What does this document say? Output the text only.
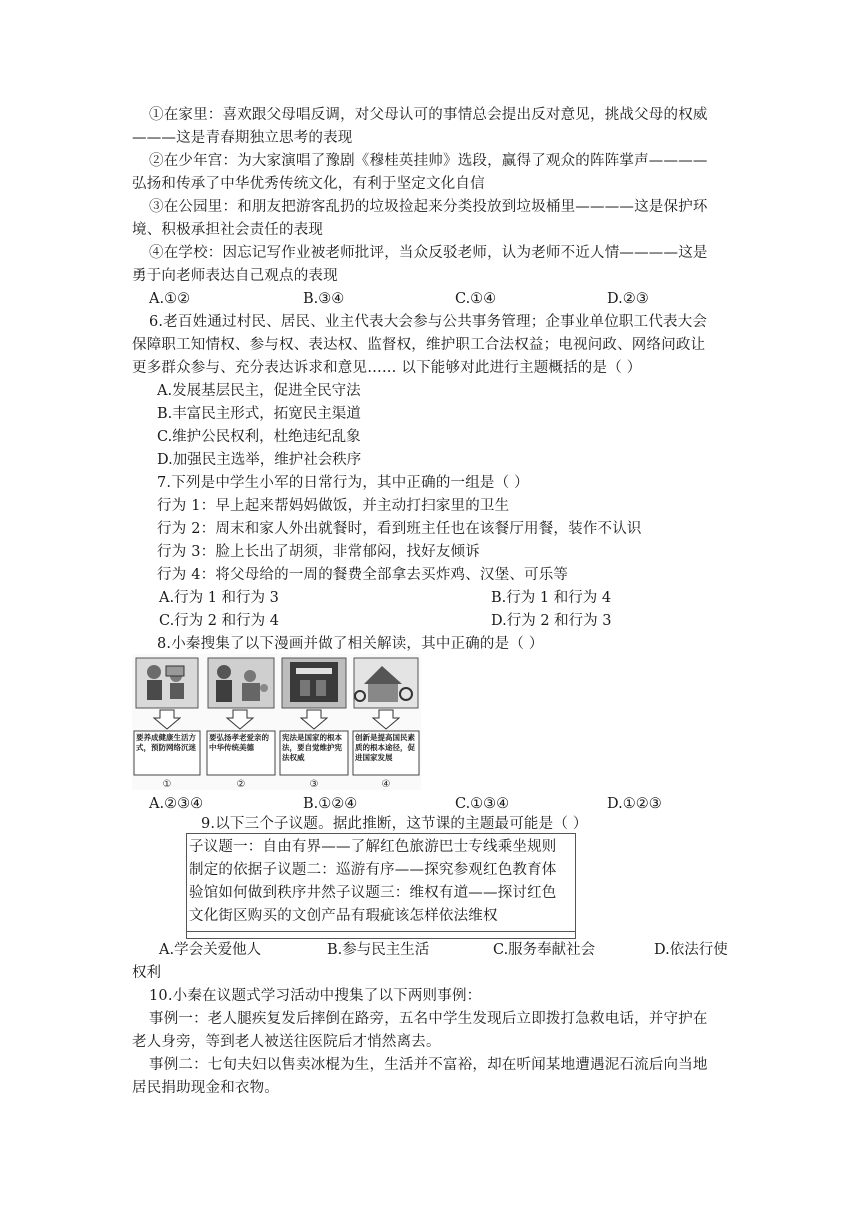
①在家里：喜欢跟父母唱反调，对父母认可的事情总会提出反对意见，挑战父母的权威
———这是青春期独立思考的表现
②在少年宫：为大家演唱了豫剧《穆桂英挂帅》选段，赢得了观众的阵阵掌声————
弘扬和传承了中华优秀传统文化，有利于坚定文化自信
③在公园里：和朋友把游客乱扔的垃圾捡起来分类投放到垃圾桶里————这是保护环
境、积极承担社会责任的表现
④在学校：因忘记写作业被老师批评，当众反驳老师，认为老师不近人情————这是
勇于向老师表达自己观点的表现
A.①②	B.③④	C.①④	D.②③
6.老百姓通过村民、居民、业主代表大会参与公共事务管理；企事业单位职工代表大会
保障职工知情权、参与权、表达权、监督权，维护职工合法权益；电视问政、网络问政让
更多群众参与、充分表达诉求和意见…… 以下能够对此进行主题概括的是（ ）
A.发展基层民主，促进全民守法
B.丰富民主形式，拓宽民主渠道
C.维护公民权利，杜绝违纪乱象
D.加强民主选举，维护社会秩序
7.下列是中学生小军的日常行为，其中正确的一组是（ ）
行为 1：早上起来帮妈妈做饭，并主动打扫家里的卫生
行为 2：周末和家人外出就餐时，看到班主任也在该餐厅用餐，装作不认识
行为 3：脸上长出了胡须，非常郁闷，找好友倾诉
行为 4：将父母给的一周的餐费全部拿去买炸鸡、汉堡、可乐等
A.行为 1 和行为 3	B.行为 1 和行为 4
C.行为 2 和行为 4	D.行为 2 和行为 3
8.小秦搜集了以下漫画并做了相关解读，其中正确的是（ ）
要养成健康生活方式，预防网络沉迷
要弘扬孝老爱亲的中华传统美德
宪法是国家的根本法，要自觉维护宪法权威
创新是提高国民素质的根本途径，促进国家发展
①	②	③	④
A.②③④	B.①②④	C.①③④	D.①②③
9.以下三个子议题。据此推断，这节课的主题最可能是（ ）
子议题一：自由有界——了解红色旅游巴士专线乘坐规则
制定的依据子议题二：巡游有序——探究参观红色教育体
验馆如何做到秩序井然子议题三：维权有道——探讨红色
文化街区购买的文创产品有瑕疵该怎样依法维权
A.学会关爱他人	B.参与民主生活	C.服务奉献社会	D.依法行使
权利
10.小秦在议题式学习活动中搜集了以下两则事例：
事例一：老人腿疾复发后摔倒在路旁，五名中学生发现后立即拨打急救电话，并守护在
老人身旁，等到老人被送往医院后才悄然离去。
事例二：七旬夫妇以售卖冰棍为生，生活并不富裕，却在听闻某地遭遇泥石流后向当地
居民捐助现金和衣物。
